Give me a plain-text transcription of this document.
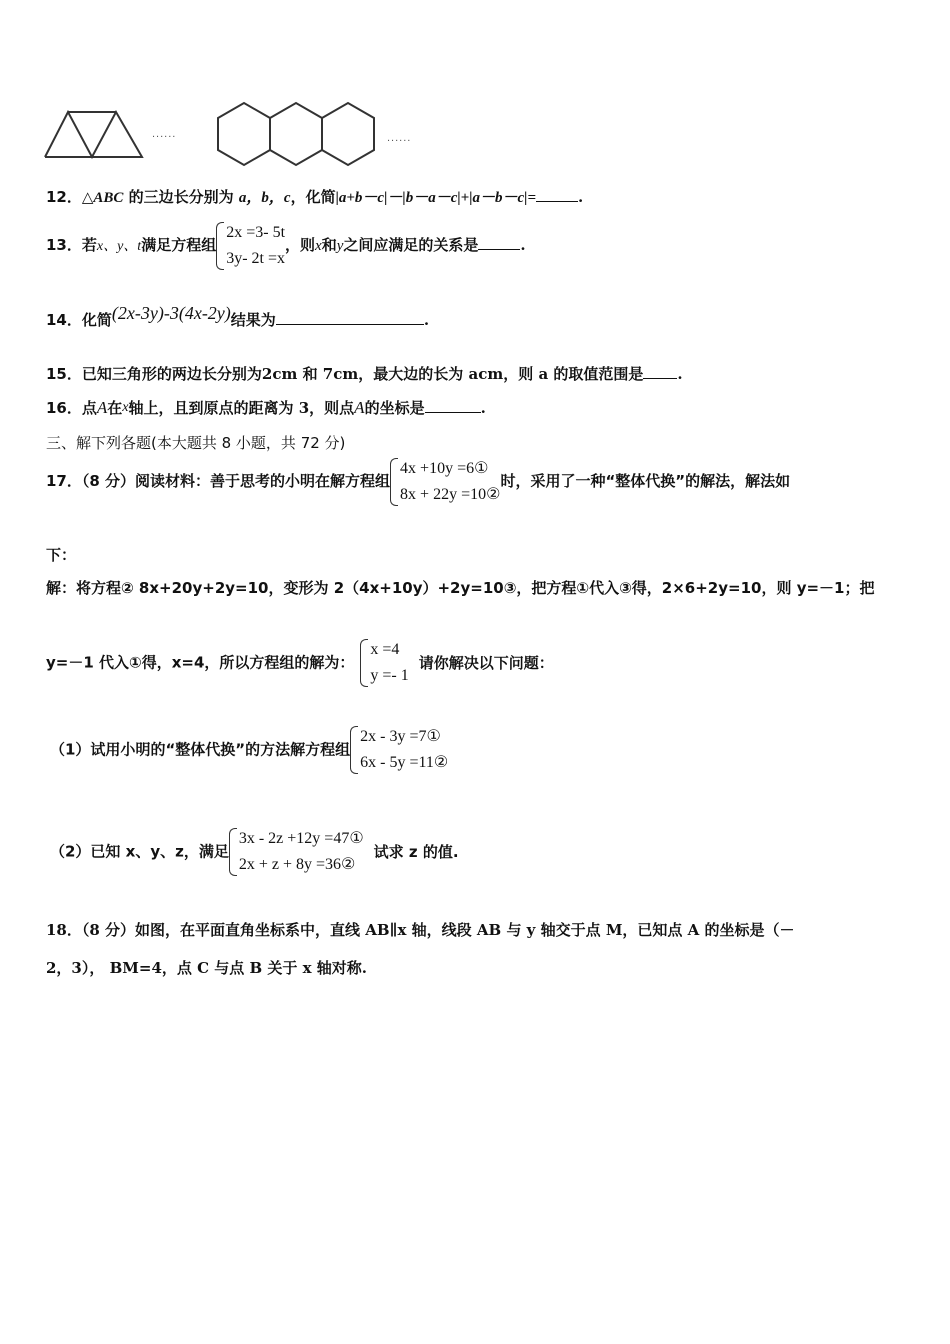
......	......
12．△ABC 的三边长分别为 a，b，c，化简|a+b－c|－|b－a－c|+|a－b－c|=	.
13．若x、y、t满足方程组
2x =3- 5t
3y- 2t =x
，则x和y之间应满足的关系是	.
14．化简(2x-3y)-3(4x-2y)结果为	.
15．已知三角形的两边长分别为2cm 和 7cm，最大边的长为 acm，则 a 的取值范围是 .
16．点A在x轴上，且到原点的距离为 3，则点A的坐标是	.
三、解下列各题(本大题共 8 小题，共 72 分)
17．（8 分）阅读材料：善于思考的小明在解方程组
4x +10y =6①
8x + 22y =10②
时，采用了一种“整体代换”的解法，解法如
下：
解：将方程② 8x+20y+2y=10，变形为 2（4x+10y）+2y=10③，把方程①代入③得，2×6+2y=10，则 y=－1；把
y=－1 代入①得，x=4，所以方程组的解为：
x =4
y =- 1
请你解决以下问题：
（1）试用小明的“整体代换”的方法解方程组
2x - 3y =7①
6x - 5y =11②
（2）已知 x、y、z，满足
3x - 2z +12y =47①
2x + z + 8y =36②
试求 z 的值.
18．（8 分）如图，在平面直角坐标系中，直线 AB∥x 轴，线段 AB 与 y 轴交于点 M，已知点 A 的坐标是（－
2，3）， BM=4，点 C 与点 B 关于 x 轴对称.
